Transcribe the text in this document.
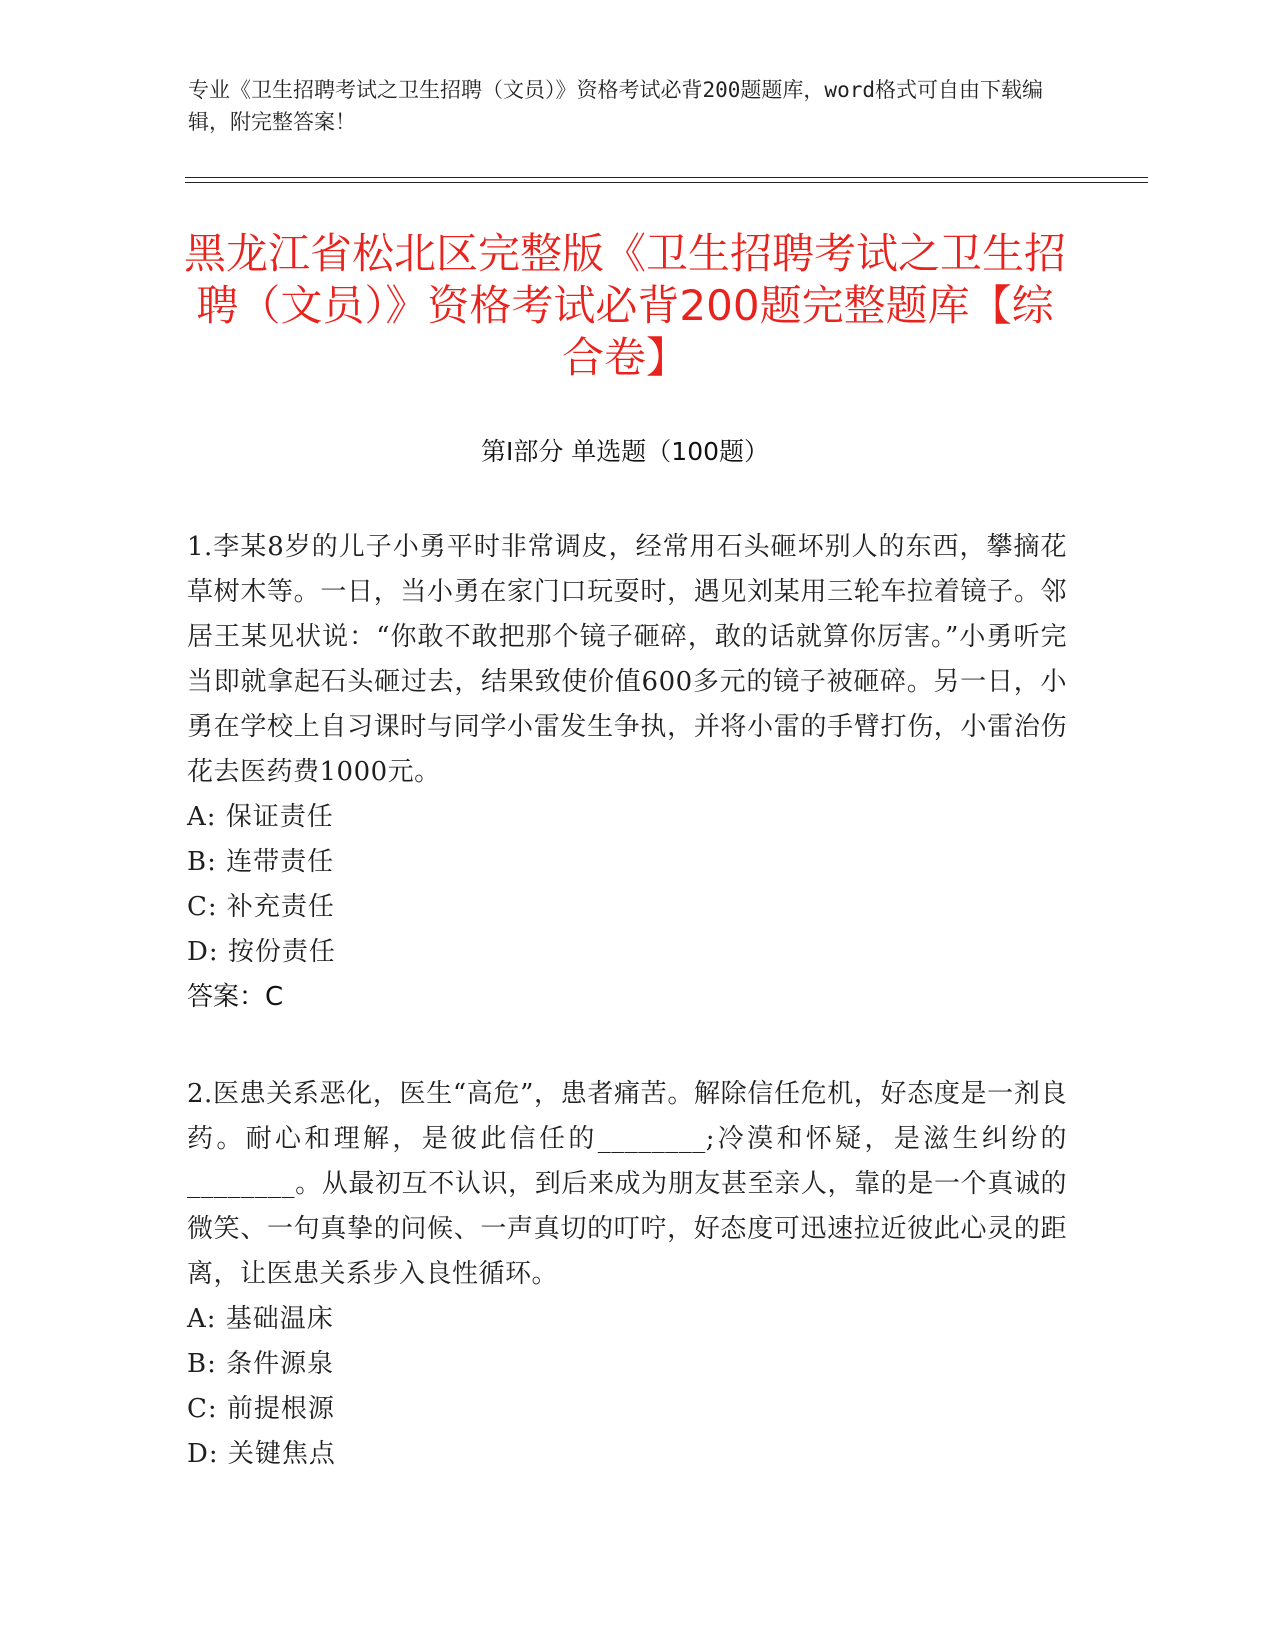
专业《卫生招聘考试之卫生招聘（文员）》资格考试必背200题题库，word格式可自由下载编辑，附完整答案！
黑龙江省松北区完整版《卫生招聘考试之卫生招聘（文员）》资格考试必背200题完整题库【综合卷】
第Ⅰ部分 单选题（100题）

1.李某8岁的儿子小勇平时非常调皮，经常用石头砸坏别人的东西，攀摘花草树木等。一日，当小勇在家门口玩耍时，遇见刘某用三轮车拉着镜子。邻居王某见状说：“你敢不敢把那个镜子砸碎，敢的话就算你厉害。”小勇听完当即就拿起石头砸过去，结果致使价值600多元的镜子被砸碎。另一日，小勇在学校上自习课时与同学小雷发生争执，并将小雷的手臂打伤，小雷治伤花去医药费1000元。

A: 保证责任
B: 连带责任
C: 补充责任
D: 按份责任

答案：C

2.医患关系恶化，医生“高危”，患者痛苦。解除信任危机，好态度是一剂良药。耐心和理解，是彼此信任的________;冷漠和怀疑，是滋生纠纷的________。从最初互不认识，到后来成为朋友甚至亲人，靠的是一个真诚的微笑、一句真挚的问候、一声真切的叮咛，好态度可迅速拉近彼此心灵的距离，让医患关系步入良性循环。

A: 基础温床
B: 条件源泉
C: 前提根源
D: 关键焦点
